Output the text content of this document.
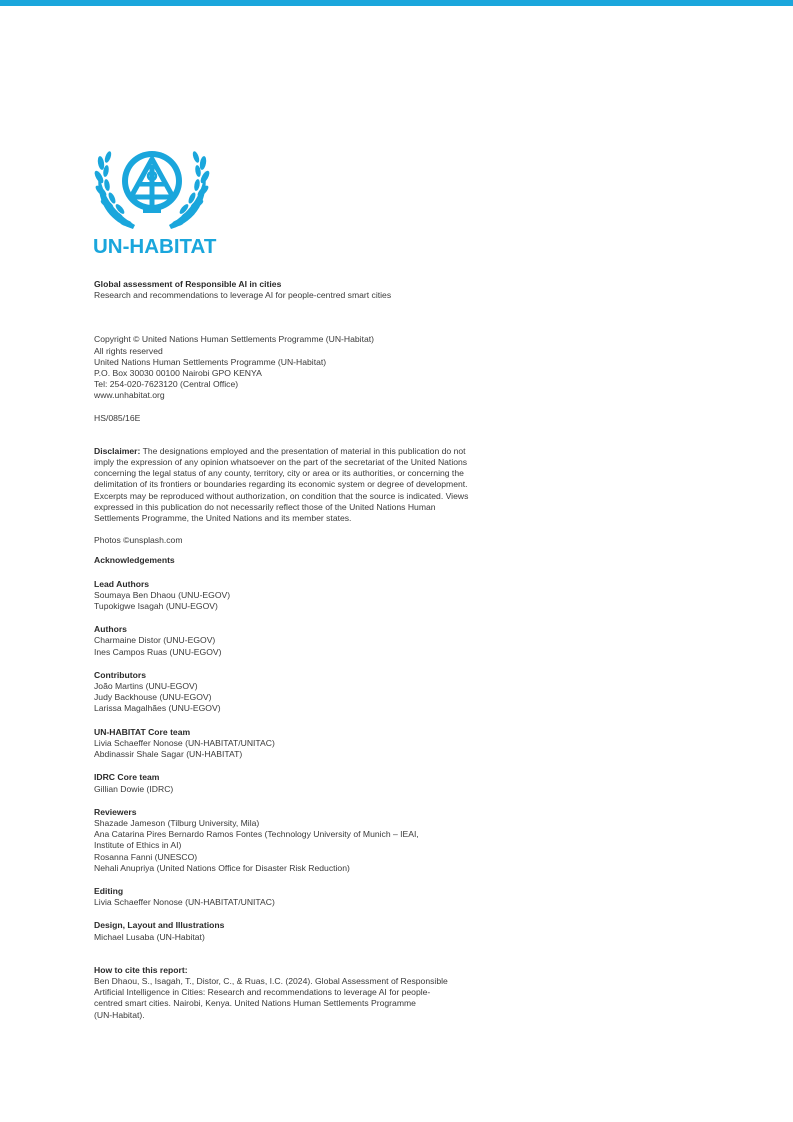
UN-HABITAT
Global assessment of Responsible AI in cities
Research and recommendations to leverage AI for people-centred smart cities
Copyright © United Nations Human Settlements Programme (UN-Habitat)
All rights reserved
United Nations Human Settlements Programme (UN-Habitat)
P.O. Box 30030 00100 Nairobi GPO KENYA
Tel: 254-020-7623120 (Central Office)
www.unhabitat.org
HS/085/16E
Disclaimer: The designations employed and the presentation of material in this publication do not imply the expression of any opinion whatsoever on the part of the secretariat of the United Nations concerning the legal status of any county, territory, city or area or its authorities, or concerning the delimitation of its frontiers or boundaries regarding its economic system or degree of development. Excerpts may be reproduced without authorization, on condition that the source is indicated. Views expressed in this publication do not necessarily reflect those of the United Nations Human Settlements Programme, the United Nations and its member states.
Photos ©unsplash.com
Acknowledgements
Lead Authors
Soumaya Ben Dhaou (UNU-EGOV)
Tupokigwe Isagah (UNU-EGOV)
Authors
Charmaine Distor (UNU-EGOV)
Ines Campos Ruas (UNU-EGOV)
Contributors
João Martins (UNU-EGOV)
Judy Backhouse (UNU-EGOV)
Larissa Magalhães (UNU-EGOV)
UN-HABITAT Core team
Livia Schaeffer Nonose (UN-HABITAT/UNITAC)
Abdinassir Shale Sagar (UN-HABITAT)
IDRC Core team
Gillian Dowie (IDRC)
Reviewers
Shazade Jameson (Tilburg University, Mila)
Ana Catarina Pires Bernardo Ramos Fontes (Technology University of Munich – IEAI,
Institute of Ethics in AI)
Rosanna Fanni (UNESCO)
Nehali Anupriya (United Nations Office for Disaster Risk Reduction)
Editing
Livia Schaeffer Nonose (UN-HABITAT/UNITAC)
Design, Layout and Illustrations
Michael Lusaba (UN-Habitat)
How to cite this report:
Ben Dhaou, S., Isagah, T., Distor, C., & Ruas, I.C. (2024). Global Assessment of Responsible
Artificial Intelligence in Cities: Research and recommendations to leverage AI for people-
centred smart cities. Nairobi, Kenya. United Nations Human Settlements Programme
(UN-Habitat).
